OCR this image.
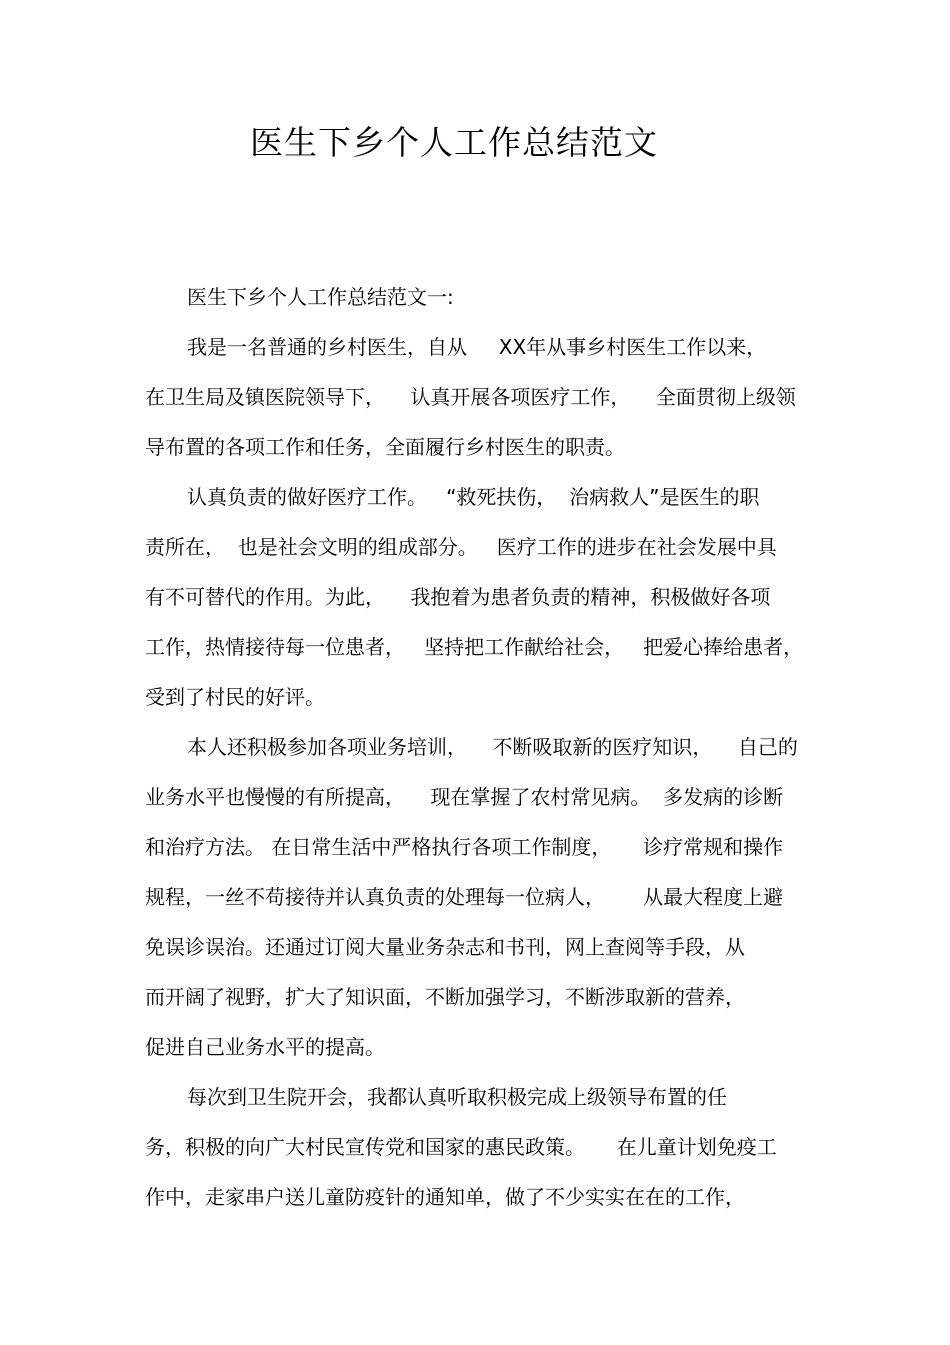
医生下乡个人工作总结范文
医生下乡个人工作总结范文一:
我是一名普通的乡村医生，自从     XX年从事乡村医生工作以来，
在卫生局及镇医院领导下，    认真开展各项医疗工作，    全面贯彻上级领
导布置的各项工作和任务，全面履行乡村医生的职责。
认真负责的做好医疗工作。   “救死扶伤，  治病救人”是医生的职
责所在，  也是社会文明的组成部分。   医疗工作的进步在社会发展中具
有不可替代的作用。为此，    我抱着为患者负责的精神，积极做好各项
工作，热情接待每一位患者，   坚持把工作献给社会，   把爱心捧给患者，
受到了村民的好评。
本人还积极参加各项业务培训，    不断吸取新的医疗知识，    自己的
业务水平也慢慢的有所提高，    现在掌握了农村常见病。  多发病的诊断
和治疗方法。 在日常生活中严格执行各项工作制度，     诊疗常规和操作
规程，一丝不苟接待并认真负责的处理每一位病人，      从最大程度上避
免误诊误治。还通过订阅大量业务杂志和书刊，网上查阅等手段，从
而开阔了视野，扩大了知识面，不断加强学习，不断涉取新的营养，
促进自己业务水平的提高。
每次到卫生院开会，我都认真听取积极完成上级领导布置的任
务，积极的向广大村民宣传党和国家的惠民政策。     在儿童计划免疫工
作中，走家串户送儿童防疫针的通知单，做了不少实实在在的工作，
